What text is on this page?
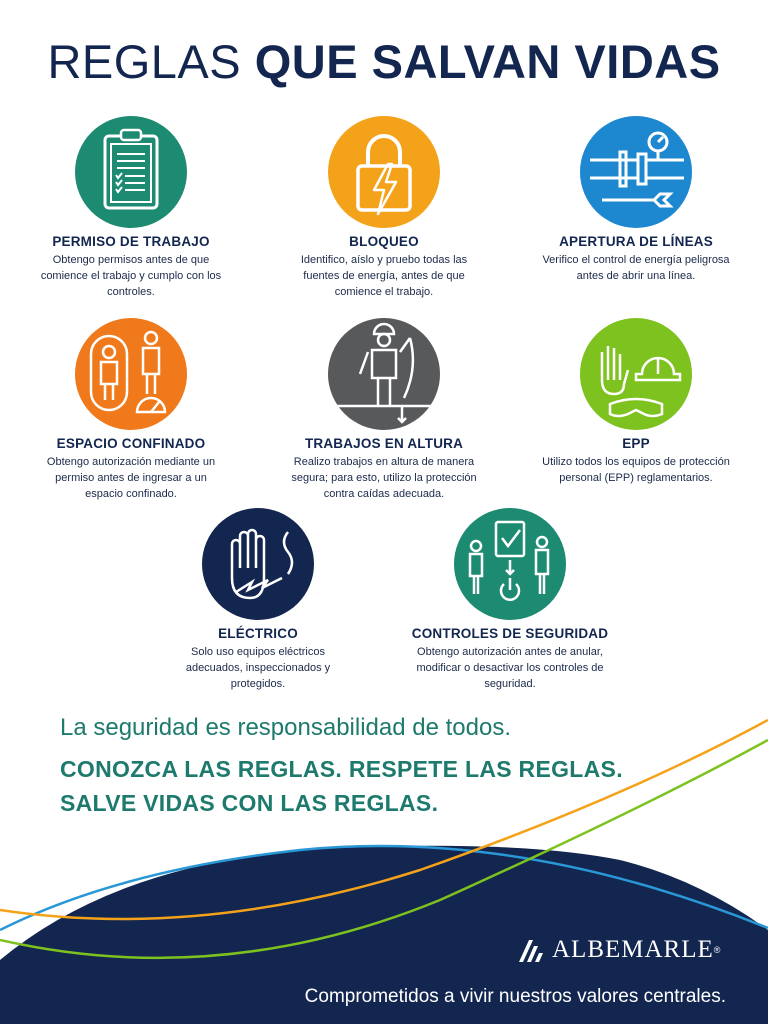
REGLAS QUE SALVAN VIDAS
PERMISO DE TRABAJO
Obtengo permisos antes de que comience el trabajo y cumplo con los controles.
BLOQUEO
Identifico, aíslo y pruebo todas las fuentes de energía, antes de que comience el trabajo.
APERTURA DE LÍNEAS
Verifico el control de energía peligrosa antes de abrir una línea.
ESPACIO CONFINADO
Obtengo autorización mediante un permiso antes de ingresar a un espacio confinado.
TRABAJOS EN ALTURA
Realizo trabajos en altura de manera segura; para esto, utilizo la protección contra caídas adecuada.
EPP
Utilizo todos los equipos de protección personal (EPP) reglamentarios.
ELÉCTRICO
Solo uso equipos eléctricos adecuados, inspeccionados y protegidos.
CONTROLES DE SEGURIDAD
Obtengo autorización antes de anular, modificar o desactivar los controles de seguridad.
La seguridad es responsabilidad de todos.
CONOZCA LAS REGLAS. RESPETE LAS REGLAS.
SALVE VIDAS CON LAS REGLAS.
ALBEMARLE ®
Comprometidos a vivir nuestros valores centrales.
